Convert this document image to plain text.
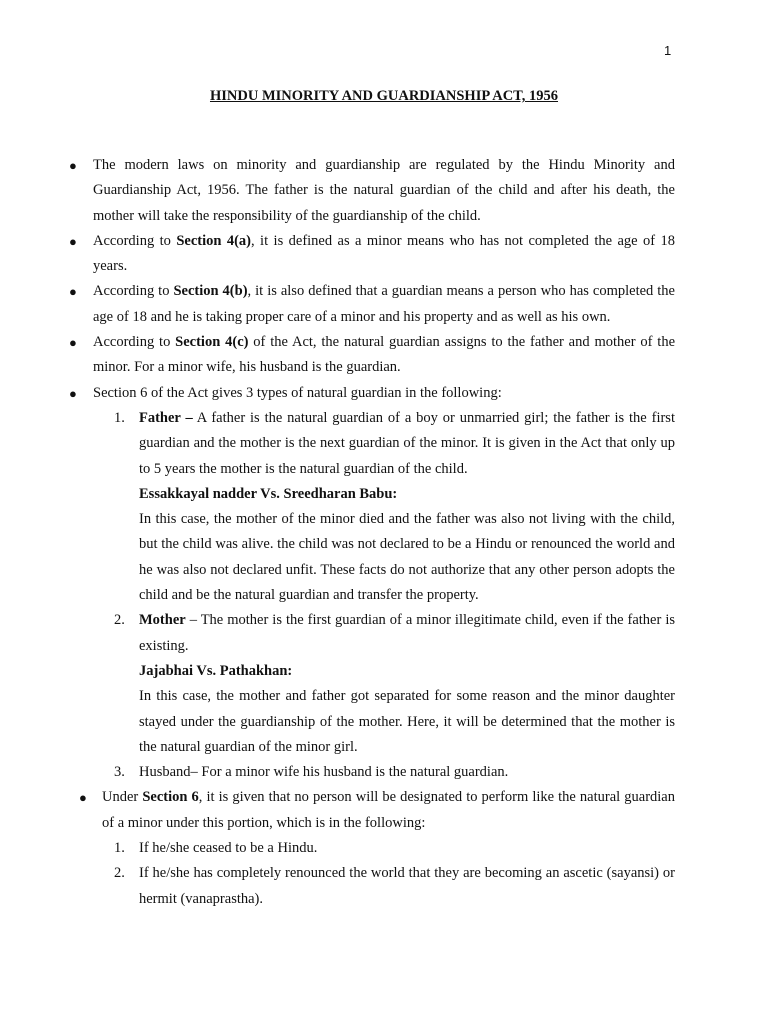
1
HINDU MINORITY AND GUARDIANSHIP ACT, 1956
● The modern laws on minority and guardianship are regulated by the Hindu Minority and Guardianship Act, 1956. The father is the natural guardian of the child and after his death, the mother will take the responsibility of the guardianship of the child.
● According to Section 4(a), it is defined as a minor means who has not completed the age of 18 years.
● According to Section 4(b), it is also defined that a guardian means a person who has completed the age of 18 and he is taking proper care of a minor and his property and as well as his own.
● According to Section 4(c) of the Act, the natural guardian assigns to the father and mother of the minor. For a minor wife, his husband is the guardian.
● Section 6 of the Act gives 3 types of natural guardian in the following:
1. Father – A father is the natural guardian of a boy or unmarried girl; the father is the first guardian and the mother is the next guardian of the minor. It is given in the Act that only up to 5 years the mother is the natural guardian of the child.
Essakkayal nadder Vs. Sreedharan Babu:
In this case, the mother of the minor died and the father was also not living with the child, but the child was alive. the child was not declared to be a Hindu or renounced the world and he was also not declared unfit. These facts do not authorize that any other person adopts the child and be the natural guardian and transfer the property.
2. Mother – The mother is the first guardian of a minor illegitimate child, even if the father is existing.
Jajabhai Vs. Pathakhan:
In this case, the mother and father got separated for some reason and the minor daughter stayed under the guardianship of the mother. Here, it will be determined that the mother is the natural guardian of the minor girl.
3. Husband– For a minor wife his husband is the natural guardian.
● Under Section 6, it is given that no person will be designated to perform like the natural guardian of a minor under this portion, which is in the following:
1. If he/she ceased to be a Hindu.
2. If he/she has completely renounced the world that they are becoming an ascetic (sayansi) or hermit (vanaprastha).
